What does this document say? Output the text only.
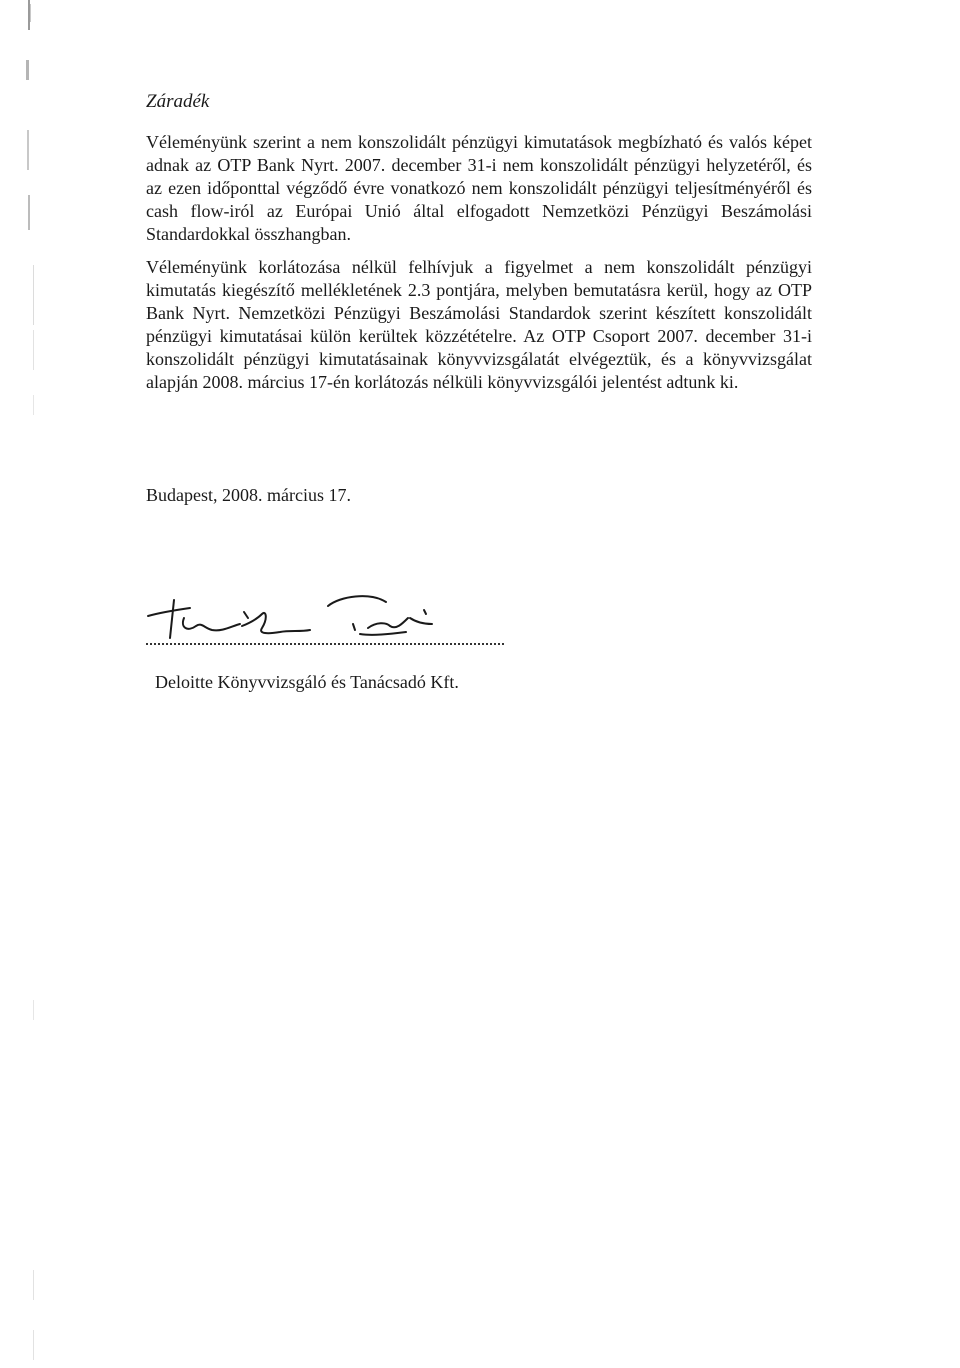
Záradék

Véleményünk szerint a nem konszolidált pénzügyi kimutatások megbízható és valós képet adnak az OTP Bank Nyrt. 2007. december 31-i nem konszolidált pénzügyi helyzetéről, és az ezen időponttal végződő évre vonatkozó nem konszolidált pénzügyi teljesítményéről és cash flow-iról az Európai Unió által elfogadott Nemzetközi Pénzügyi Beszámolási Standardokkal összhangban.

Véleményünk korlátozása nélkül felhívjuk a figyelmet a nem konszolidált pénzügyi kimutatás kiegészítő mellékletének 2.3 pontjára, melyben bemutatásra kerül, hogy az OTP Bank Nyrt. Nemzetközi Pénzügyi Beszámolási Standardok szerint készített konszolidált pénzügyi kimutatásai külön kerültek közzétételre. Az OTP Csoport 2007. december 31-i konszolidált pénzügyi kimutatásainak könyvvizsgálatát elvégeztük, és a könyvvizsgálat alapján 2008. március 17-én korlátozás nélküli könyvvizsgálói jelentést adtunk ki.

Budapest, 2008. március 17.

Deloitte Könyvvizsgáló és Tanácsadó Kft.
